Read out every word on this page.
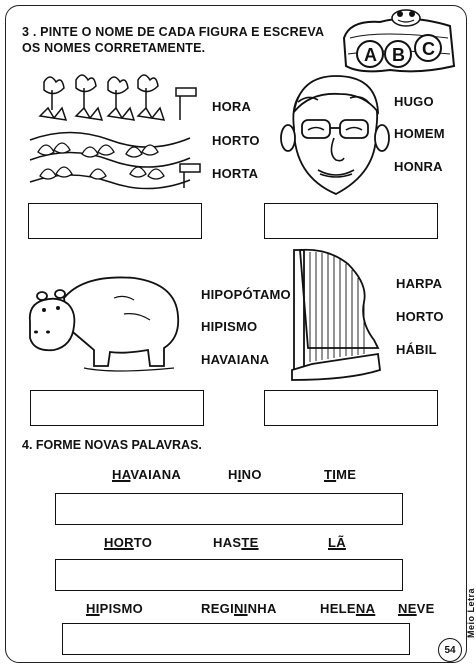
3 . PINTE O NOME DE CADA FIGURA E ESCREVA
OS NOMES CORRETAMENTE.	A B C
HORA
HORTO
HORTA
HUGO
HOMEM
HONRA
HIPOPÓTAMO
HIPISMO
HAVAIANA
HARPA
HORTO
HÁBIL
4. FORME NOVAS PALAVRAS.
HAVAIANA	HINO	TIME
HORTO	HASTE	LÃ
HIPISMO	REGININHA	HELENA NEVE	Meio Letra
54
